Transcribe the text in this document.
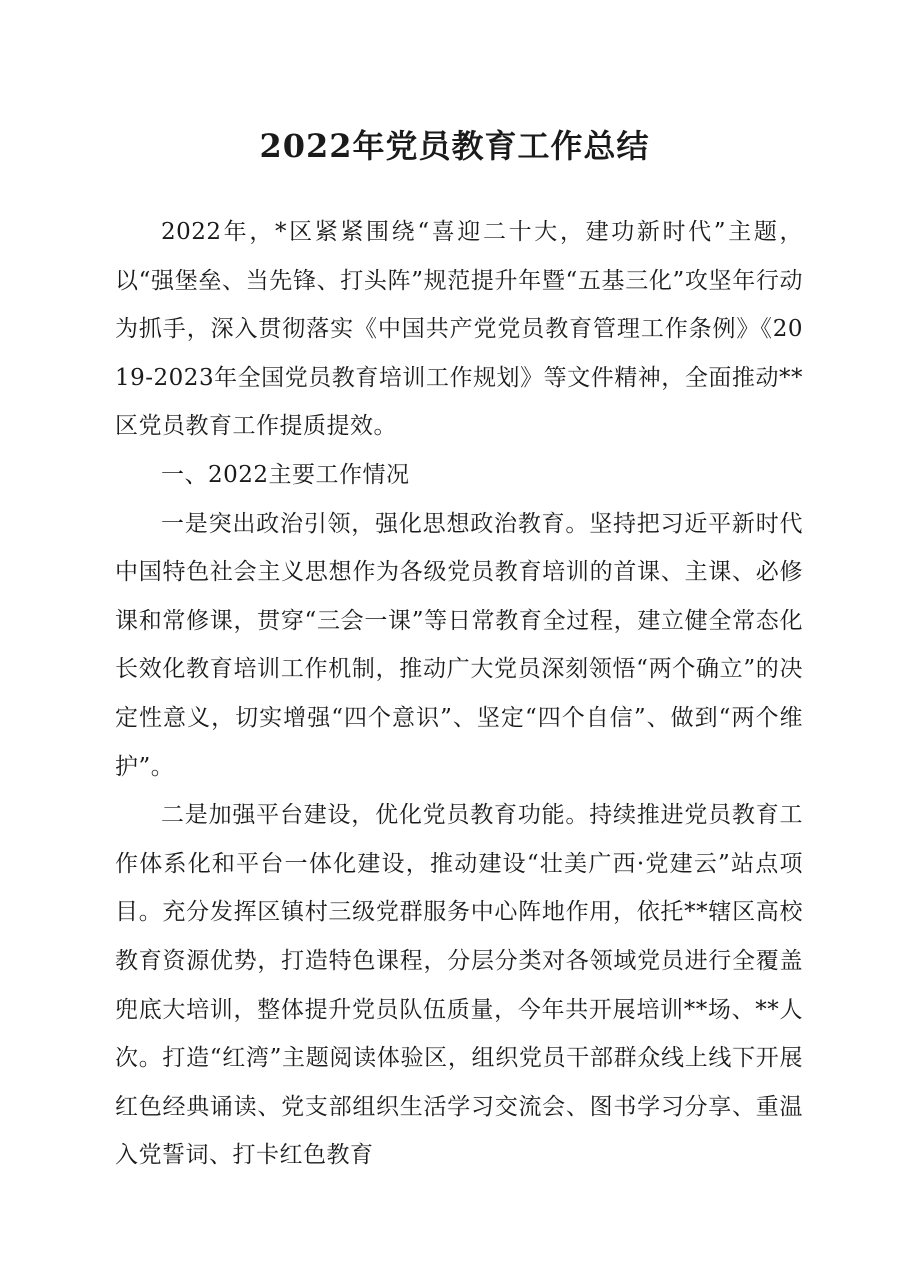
2022年党员教育工作总结

2022年，*区紧紧围绕“喜迎二十大，建功新时代”主题，以“强堡垒、当先锋、打头阵”规范提升年暨“五基三化”攻坚年行动为抓手，深入贯彻落实《中国共产党党员教育管理工作条例》《2019-2023年全国党员教育培训工作规划》等文件精神，全面推动**区党员教育工作提质提效。

一、2022主要工作情况

一是突出政治引领，强化思想政治教育。坚持把习近平新时代中国特色社会主义思想作为各级党员教育培训的首课、主课、必修课和常修课，贯穿“三会一课”等日常教育全过程，建立健全常态化长效化教育培训工作机制，推动广大党员深刻领悟“两个确立”的决定性意义，切实增强“四个意识”、坚定“四个自信”、做到“两个维护”。

二是加强平台建设，优化党员教育功能。持续推进党员教育工作体系化和平台一体化建设，推动建设“壮美广西·党建云”站点项目。充分发挥区镇村三级党群服务中心阵地作用，依托**辖区高校教育资源优势，打造特色课程，分层分类对各领域党员进行全覆盖兜底大培训，整体提升党员队伍质量，今年共开展培训**场、**人次。打造“红湾”主题阅读体验区，组织党员干部群众线上线下开展红色经典诵读、党支部组织生活学习交流会、图书学习分享、重温入党誓词、打卡红色教育
